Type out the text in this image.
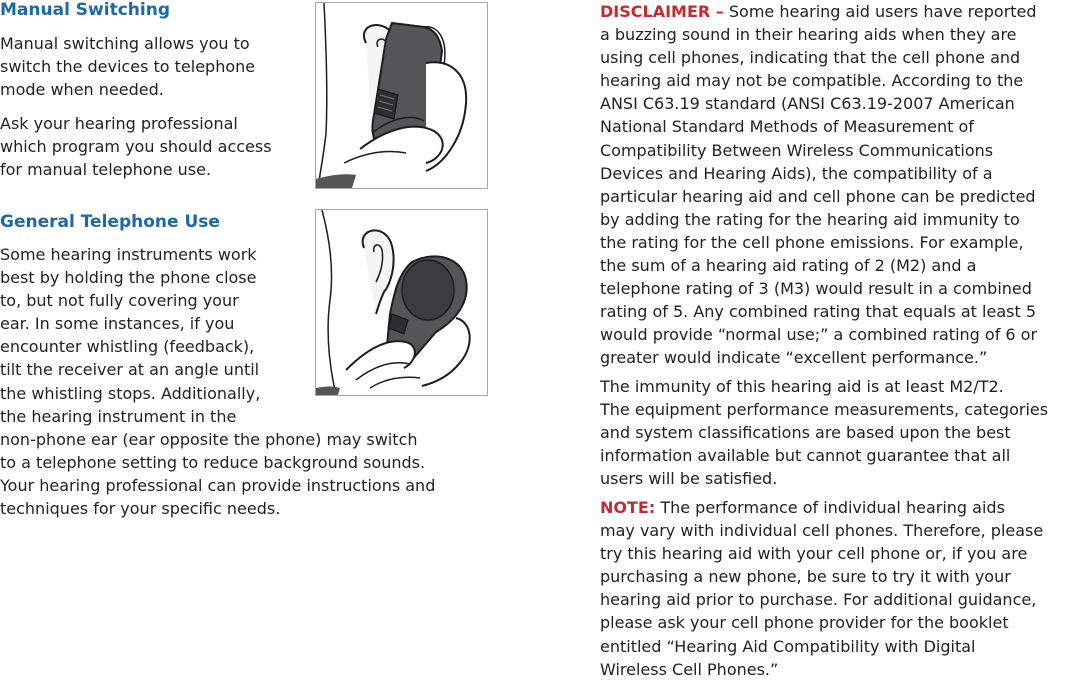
Manual Switching
Manual switching allows you to
switch the devices to telephone
mode when needed.
Ask your hearing professional
which program you should access
for manual telephone use.
General Telephone Use
Some hearing instruments work
best by holding the phone close
to, but not fully covering your
ear. In some instances, if you
encounter whistling (feedback),
tilt the receiver at an angle until
the whistling stops. Additionally,
the hearing instrument in the
non-phone ear (ear opposite the phone) may switch
to a telephone setting to reduce background sounds.
Your hearing professional can provide instructions and
techniques for your specific needs.
DISCLAIMER – Some hearing aid users have reported
a buzzing sound in their hearing aids when they are
using cell phones, indicating that the cell phone and
hearing aid may not be compatible. According to the
ANSI C63.19 standard (ANSI C63.19-2007 American
National Standard Methods of Measurement of
Compatibility Between Wireless Communications
Devices and Hearing Aids), the compatibility of a
particular hearing aid and cell phone can be predicted
by adding the rating for the hearing aid immunity to
the rating for the cell phone emissions. For example,
the sum of a hearing aid rating of 2 (M2) and a
telephone rating of 3 (M3) would result in a combined
rating of 5. Any combined rating that equals at least 5
would provide “normal use;” a combined rating of 6 or
greater would indicate “excellent performance.”
The immunity of this hearing aid is at least M2/T2.
The equipment performance measurements, categories
and system classifications are based upon the best
information available but cannot guarantee that all
users will be satisfied.
NOTE: The performance of individual hearing aids
may vary with individual cell phones. Therefore, please
try this hearing aid with your cell phone or, if you are
purchasing a new phone, be sure to try it with your
hearing aid prior to purchase. For additional guidance,
please ask your cell phone provider for the booklet
entitled “Hearing Aid Compatibility with Digital
Wireless Cell Phones.”
